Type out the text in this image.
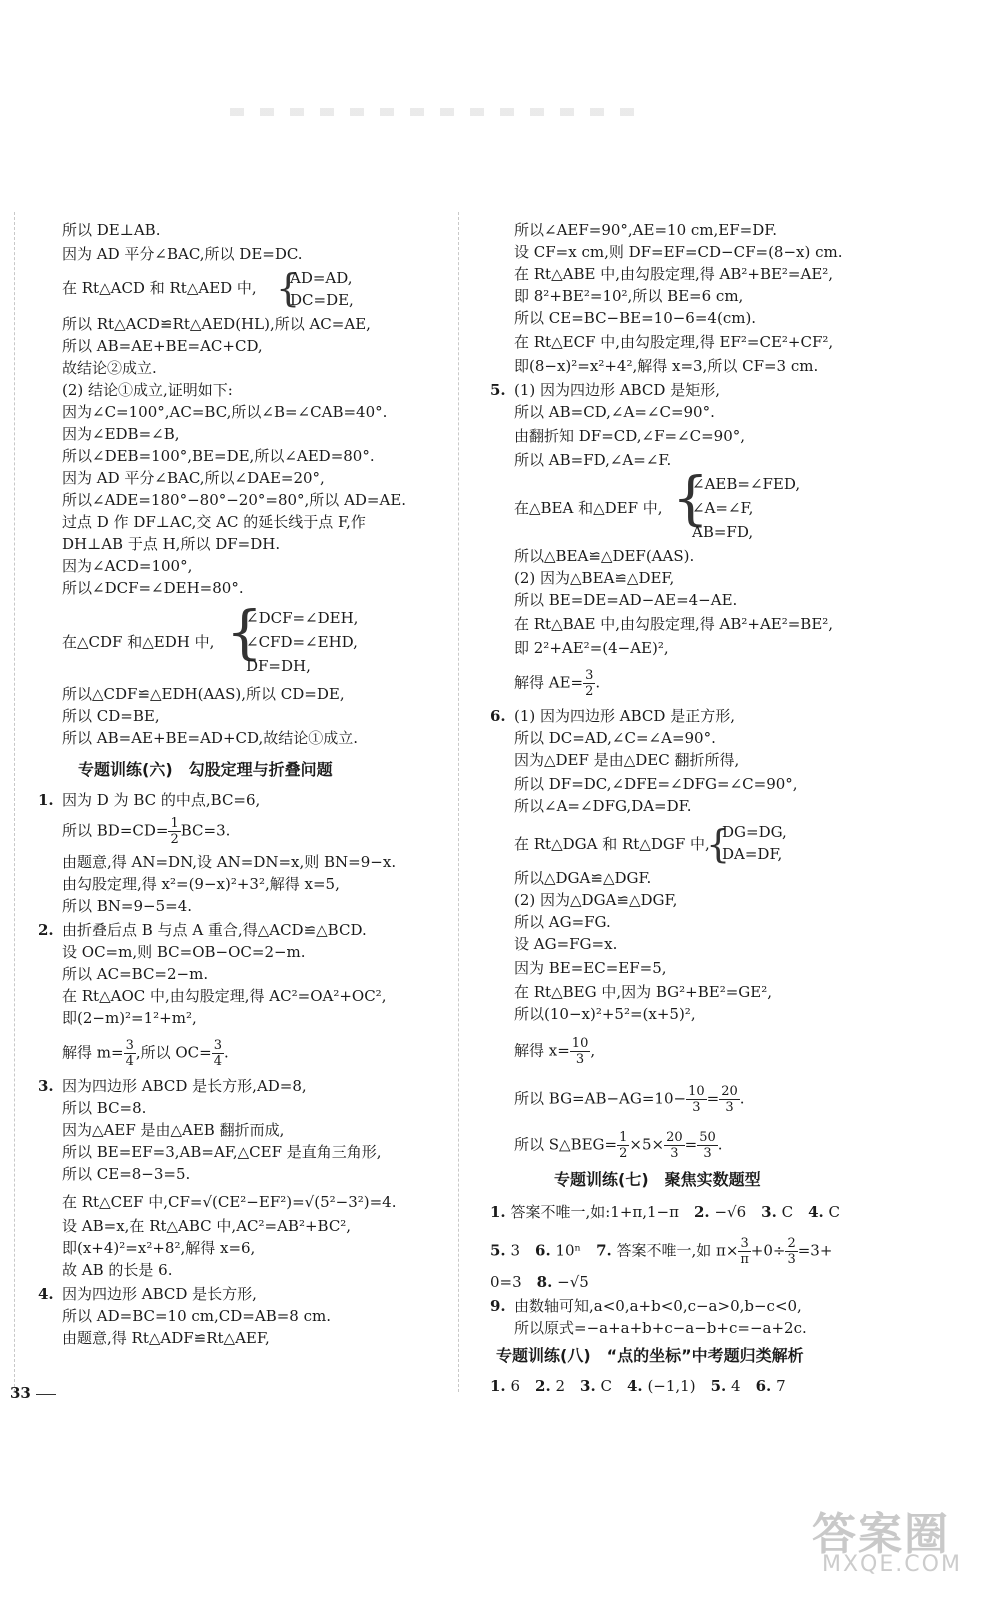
所以 DE⊥AB.
因为 AD 平分∠BAC,所以 DE=DC.
在 Rt△ACD 和 Rt△AED 中, {
AD=AD,
DC=DE,
所以 Rt△ACD≌Rt△AED(HL),所以 AC=AE,
所以 AB=AE+BE=AC+CD,
故结论②成立.
(2) 结论①成立,证明如下:
因为∠C=100°,AC=BC,所以∠B=∠CAB=40°.
因为∠EDB=∠B,
所以∠DEB=100°,BE=DE,所以∠AED=80°.
因为 AD 平分∠BAC,所以∠DAE=20°,
所以∠ADE=180°−80°−20°=80°,所以 AD=AE.
过点 D 作 DF⊥AC,交 AC 的延长线于点 F,作
DH⊥AB 于点 H,所以 DF=DH.
因为∠ACD=100°,
所以∠DCF=∠DEH=80°.
在△CDF 和△EDH 中, {
∠DCF=∠DEH,
∠CFD=∠EHD,
DF=DH,
所以△CDF≌△EDH(AAS),所以 CD=DE,
所以 CD=BE,
所以 AB=AE+BE=AD+CD,故结论①成立.
专题训练(六)　勾股定理与折叠问题
1. 因为 D 为 BC 的中点,BC=6,
所以 $BD=CD= \frac{1}{2} BC=3$.
由题意,得 AN=DN,设 AN=DN=x,则 BN=9−x.
由勾股定理,得 x²=(9−x)²+3²,解得 x=5,
所以 BN=9−5=4.
2. 由折叠后点 B 与点 A 重合,得△ACD≌△BCD.
设 OC=m,则 BC=OB−OC=2−m.
所以 AC=BC=2−m.
在 Rt△AOC 中,由勾股定理,得 AC²=OA²+OC²,
即(2−m)²=1²+m²,
解得 $m= \frac{3}{4}$ ,所以 $OC= \frac{3}{4}$ .
3. 因为四边形 ABCD 是长方形,AD=8,
所以 BC=8.
因为△AEF 是由△AEB 翻折而成,
所以 BE=EF=3,AB=AF,△CEF 是直角三角形,
所以 CE=8−3=5.
在 Rt△CEF 中,CF=√(CE²−EF²)=√(5²−3²)=4.
设 AB=x,在 Rt△ABC 中,AC²=AB²+BC²,
即(x+4)²=x²+8²,解得 x=6,
故 AB 的长是 6.
4. 因为四边形 ABCD 是长方形,
所以 AD=BC=10 cm,CD=AB=8 cm.
由题意,得 Rt△ADF≌Rt△AEF,
所以∠AEF=90°,AE=10 cm,EF=DF.
设 CF=x cm,则 DF=EF=CD−CF=(8−x) cm.
在 Rt△ABE 中,由勾股定理,得 AB²+BE²=AE²,
即 8²+BE²=10²,所以 BE=6 cm,
所以 CE=BC−BE=10−6=4(cm).
在 Rt△ECF 中,由勾股定理,得 EF²=CE²+CF²,
即(8−x)²=x²+4²,解得 x=3,所以 CF=3 cm.
5. (1) 因为四边形 ABCD 是矩形,
所以 AB=CD,∠A=∠C=90°.
由翻折知 DF=CD,∠F=∠C=90°,
所以 AB=FD,∠A=∠F.
在△BEA 和△DEF 中, {
∠AEB=∠FED,
∠A=∠F,
AB=FD,
所以△BEA≌△DEF(AAS).
(2) 因为△BEA≌△DEF,
所以 BE=DE=AD−AE=4−AE.
在 Rt△BAE 中,由勾股定理,得 AB²+AE²=BE²,
即 2²+AE²=(4−AE)²,
解得 $AE= \frac{3}{2}$ .
6. (1) 因为四边形 ABCD 是正方形,
所以 DC=AD,∠C=∠A=90°.
因为△DEF 是由△DEC 翻折所得,
所以 DF=DC,∠DFE=∠DFG=∠C=90°,
所以∠A=∠DFG,DA=DF.
在 Rt△DGA 和 Rt△DGF 中,
{
DG=DG,
DA=DF,
所以△DGA≌△DGF.
(2) 因为△DGA≌△DGF,
所以 AG=FG.
设 AG=FG=x.
因为 BE=EC=EF=5,
在 Rt△BEG 中,因为 BG²+BE²=GE²,
所以(10−x)²+5²=(x+5)²,
解得 $x= \frac{10}{3}$ ,
所以 $BG=AB-AG=10- \frac{10}{3} = \frac{20}{3}$ .
所以 S△BEG= $\frac{1}{2} \times 5\times \frac{20}{3} = \frac{50}{3}$ .
专题训练(七)　聚焦实数题型
1. 答案不唯一,如:1+π,1−π　 2. −√6　 3. C　 4. C
5. 3　 6. 10ⁿ　 7. 答案不唯一,如 $\pi\times \frac{3}{\pi} +0\div \frac{2}{3} =3+$
0=3　 8. −√5
9. 由数轴可知,a<0,a+b<0,c−a>0,b−c<0,
所以原式=−a+a+b+c−a−b+c=−a+2c.
专题训练(八)　“点的坐标”中考题归类解析
1. 6　 2. 2　 3. C　 4. (−1,1)　 5. 4　 6. 7
33
答案圈
MXQE.COM
